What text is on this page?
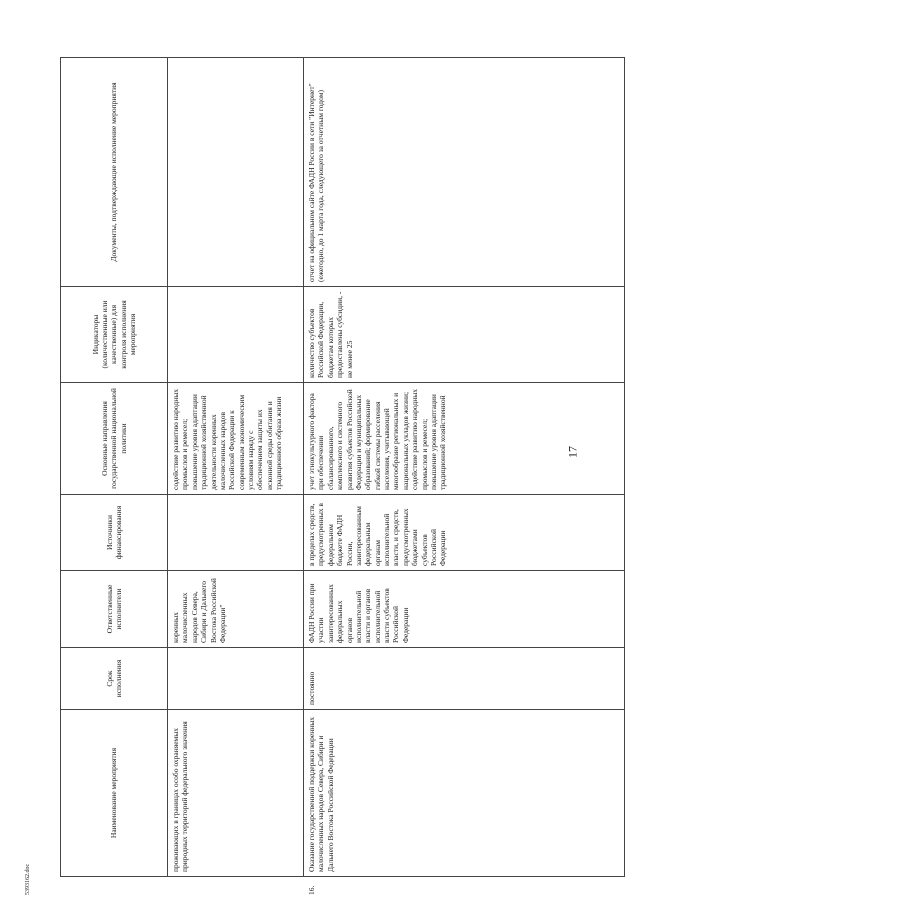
17
Наименование мероприятия
Срок исполнения
Ответственные исполнители
Источники финансирования
Основные направления государственной национальной политики
Индикаторы (количественные или качественные) для контроля исполнения мероприятия
Документы, подтверждающие исполнение мероприятия
проживающих в границах особо охраняемых природных территорий федерального значения
коренных малочисленных народов Севера, Сибири и Дальнего Востока Российской Федерации"
содействие развитию народных промыслов и ремесел; повышение уровня адаптации традиционной хозяйственной деятельности коренных малочисленных народов Российской Федерации к современным экономическим условиям наряду с обеспечением защиты их исконной среды обитания и традиционного образа жизни
16.
Оказание государственной поддержки коренных малочисленных народов Севера, Сибири и Дальнего Востока Российской Федерации
постоянно
ФАДН России при участии заинтересованных федеральных органов исполнительной власти и органов исполнительной власти субъектов Российской Федерации
в пределах средств, предусмотренных в федеральном бюджете ФАДН России, заинтересованным федеральным органам исполнительной власти, и средств, предусмотренных бюджетами субъектов Российской Федерации
учет этнокультурного фактора при обеспечении сбалансированного, комплексного и системного развития субъектов Российской Федерации и муниципальных образований; формирование гибкой системы расселения населения, учитывающей многообразие региональных и национальных укладов жизни; содействие развитию народных промыслов и ремесел; повышение уровня адаптации традиционной хозяйственной
количество субъектов Российской Федерации, бюджетам которых предоставлены субсидии, - не менее 25
отчет на официальном сайте ФАДН России в сети "Интернет" (ежегодно, до 1 марта года, следующего за отчетным годом)
5393162.doc
